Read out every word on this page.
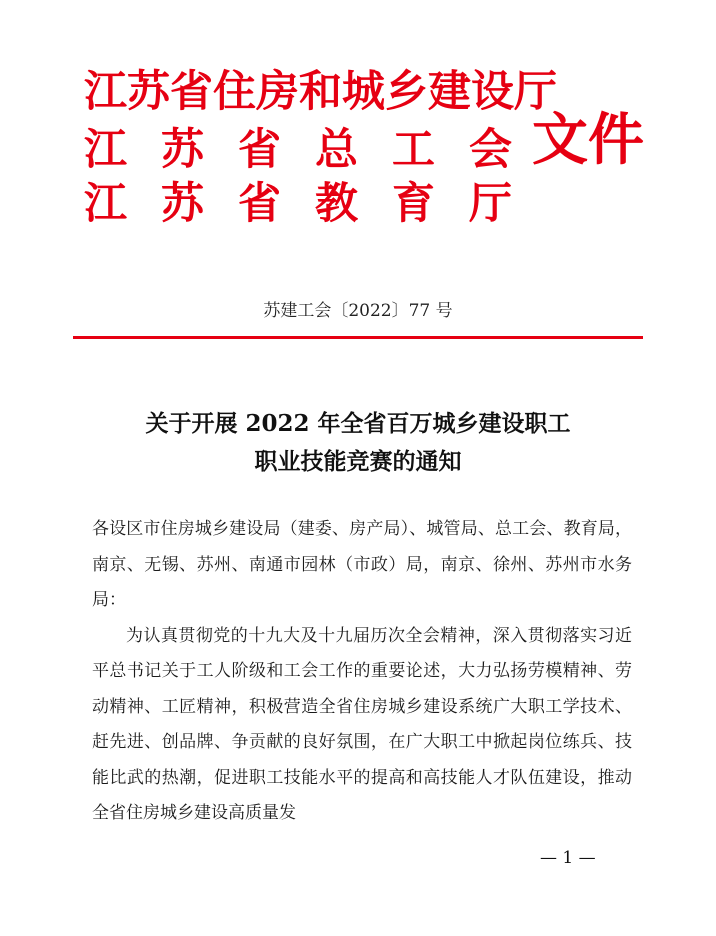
江苏省住房和城乡建设厅
江苏省总工会
江苏省教育厅
文件
苏建工会〔2022〕77 号
关于开展 2022 年全省百万城乡建设职工
职业技能竞赛的通知

各设区市住房城乡建设局（建委、房产局）、城管局、总工会、教育局，南京、无锡、苏州、南通市园林（市政）局，南京、徐州、苏州市水务局：

为认真贯彻党的十九大及十九届历次全会精神，深入贯彻落实习近平总书记关于工人阶级和工会工作的重要论述，大力弘扬劳模精神、劳动精神、工匠精神，积极营造全省住房城乡建设系统广大职工学技术、赶先进、创品牌、争贡献的良好氛围，在广大职工中掀起岗位练兵、技能比武的热潮，促进职工技能水平的提高和高技能人才队伍建设，推动全省住房城乡建设高质量发

— 1 —
